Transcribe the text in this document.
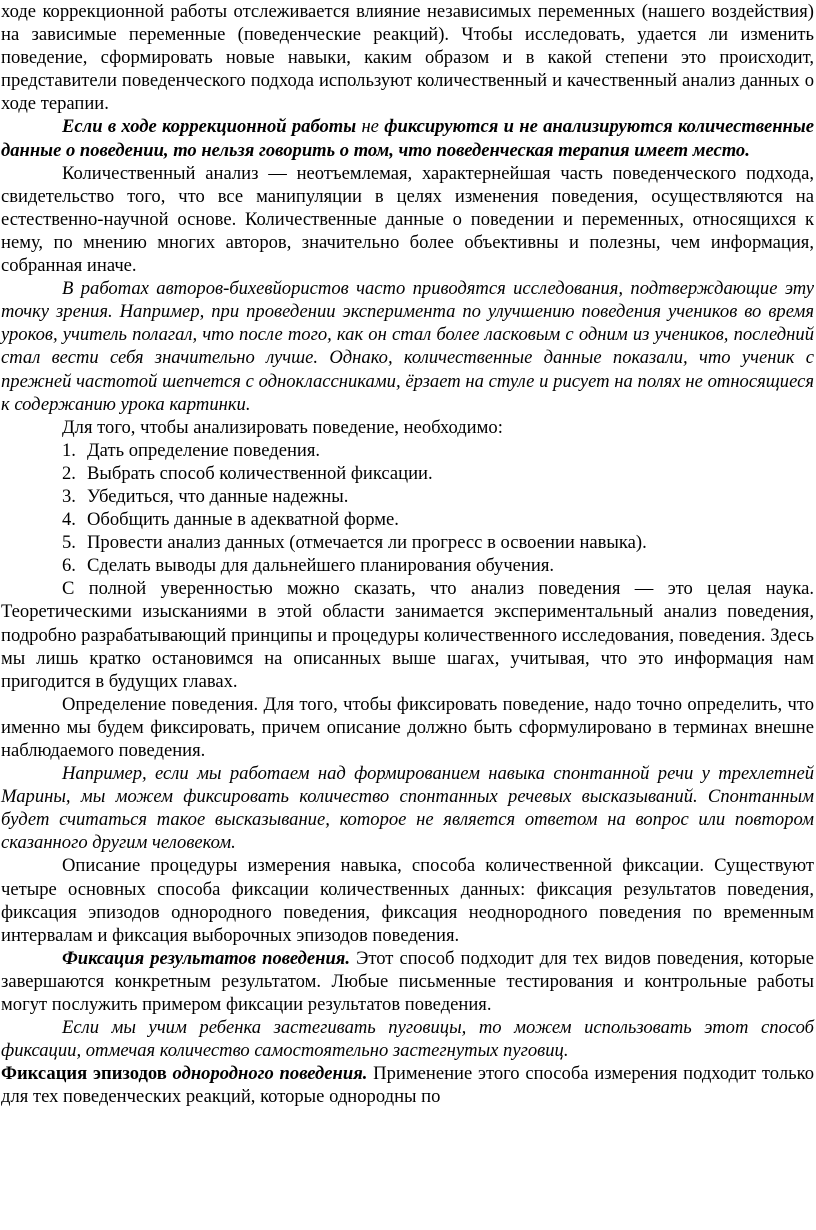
ходе коррекционной работы отслеживается влияние независимых переменных (нашего воздействия) на зависимые переменные (поведенческие реакций). Чтобы исследовать, удается ли изменить поведение, сформировать новые навыки, каким образом и в какой степени это происходит, представители поведенческого подхода используют количественный и качественный анализ данных о ходе терапии.

Если в ходе коррекционной работы не фиксируются и не анализируются количественные данные о поведении, то нельзя говорить о том, что поведенческая терапия имеет место.

Количественный анализ — неотъемлемая, характернейшая часть поведенческого подхода, свидетельство того, что все манипуляции в целях изменения поведения, осуществляются на естественно-научной основе. Количественные данные о поведении и переменных, относящихся к нему, по мнению многих авторов, значительно более объективны и полезны, чем информация, собранная иначе.

В работах авторов-бихевйористов часто приводятся исследования, подтверждающие эту точку зрения. Например, при проведении эксперимента по улучшению поведения учеников во время уроков, учитель полагал, что после того, как он стал более ласковым с одним из учеников, последний стал вести себя значительно лучше. Однако, количественные данные показали, что ученик с прежней частотой шепчется с одноклассниками, ёрзает на стуле и рисует на полях не относящиеся к содержанию урока картинки.

Для того, чтобы анализировать поведение, необходимо:

1. Дать определение поведения.
2. Выбрать способ количественной фиксации.
3. Убедиться, что данные надежны.
4. Обобщить данные в адекватной форме.
5. Провести анализ данных (отмечается ли прогресс в освоении навыка).
6. Сделать выводы для дальнейшего планирования обучения.

С полной уверенностью можно сказать, что анализ поведения — это целая наука. Теоретическими изысканиями в этой области занимается экспериментальный анализ поведения, подробно разрабатывающий принципы и процедуры количественного исследования, поведения. Здесь мы лишь кратко остановимся на описанных выше шагах, учитывая, что это информация нам пригодится в будущих главах.

Определение поведения. Для того, чтобы фиксировать поведение, надо точно определить, что именно мы будем фиксировать, причем описание должно быть сформулировано в терминах внешне наблюдаемого поведения.

Например, если мы работаем над формированием навыка спонтанной речи у трехлетней Марины, мы можем фиксировать количество спонтанных речевых высказываний. Спонтанным будет считаться такое высказывание, которое не является ответом на вопрос или повтором сказанного другим человеком.

Описание процедуры измерения навыка, способа количественной фиксации. Существуют четыре основных способа фиксации количественных данных: фиксация результатов поведения, фиксация эпизодов однородного поведения, фиксация неоднородного поведения по временным интервалам и фиксация выборочных эпизодов поведения.

Фиксация результатов поведения. Этот способ подходит для тех видов поведения, которые завершаются конкретным результатом. Любые письменные тестирования и контрольные работы могут послужить примером фиксации результатов поведения.

Если мы учим ребенка застегивать пуговицы, то можем использовать этот способ фиксации, отмечая количество самостоятельно застегнутых пуговиц.

Фиксация эпизодов однородного поведения. Применение этого способа измерения подходит только для тех поведенческих реакций, которые однородны по
